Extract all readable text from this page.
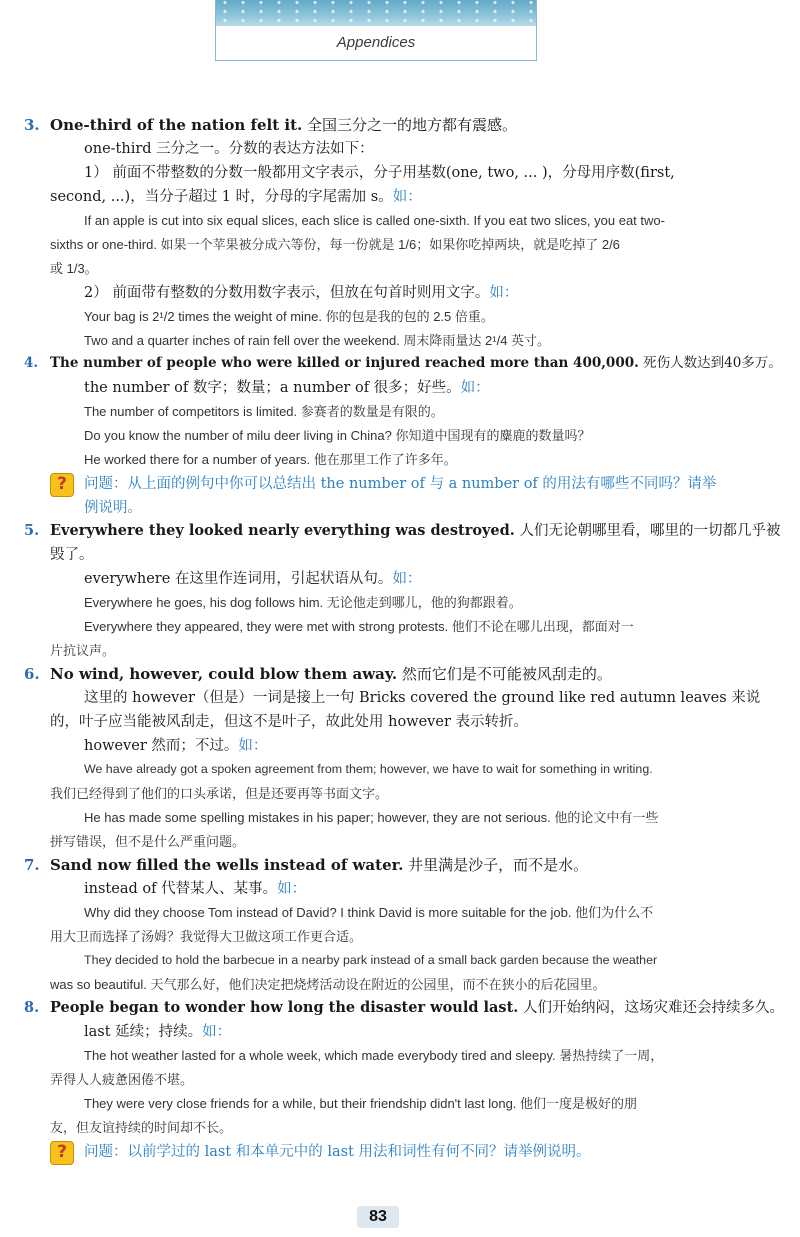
Appendices
3. One-third of the nation felt it. 全国三分之一的地方都有震感。
one-third 三分之一。分数的表达方法如下：
1） 前面不带整数的分数一般都用文字表示，分子用基数(one, two, ... )，分母用序数(first,
second, ...)，当分子超过 1 时，分母的字尾需加 s。如：
If an apple is cut into six equal slices, each slice is called one-sixth. If you eat two slices, you eat two-
sixths or one-third. 如果一个苹果被分成六等份，每一份就是 1/6；如果你吃掉两块，就是吃掉了 2/6
或 1/3。
2） 前面带有整数的分数用数字表示，但放在句首时则用文字。如：
Your bag is 2¹/2 times the weight of mine. 你的包是我的包的 2.5 倍重。
Two and a quarter inches of rain fell over the weekend. 周末降雨量达 2¹/4 英寸。
4. The number of people who were killed or injured reached more than 400,000. 死伤人数达到40多万。
the number of 数字；数量；a number of 很多；好些。如：
The number of competitors is limited. 参赛者的数量是有限的。
Do you know the number of milu deer living in China? 你知道中国现有的麋鹿的数量吗？
He worked there for a number of years. 他在那里工作了许多年。
?	问题：从上面的例句中你可以总结出 the number of 与 a number of 的用法有哪些不同吗？请举
例说明。
5. Everywhere they looked nearly everything was destroyed. 人们无论朝哪里看，哪里的一切都几乎被
毁了。
everywhere 在这里作连词用，引起状语从句。如：
Everywhere he goes, his dog follows him. 无论他走到哪儿，他的狗都跟着。
Everywhere they appeared, they were met with strong protests. 他们不论在哪儿出现，都面对一
片抗议声。
6. No wind, however, could blow them away. 然而它们是不可能被风刮走的。
这里的 however（但是）一词是接上一句 Bricks covered the ground like red autumn leaves 来说
的，叶子应当能被风刮走，但这不是叶子，故此处用 however 表示转折。
however 然而；不过。如：
We have already got a spoken agreement from them; however, we have to wait for something in writing.
我们已经得到了他们的口头承诺，但是还要再等书面文字。
He has made some spelling mistakes in his paper; however, they are not serious. 他的论文中有一些
拼写错误，但不是什么严重问题。
7. Sand now filled the wells instead of water. 井里满是沙子，而不是水。
instead of 代替某人、某事。如：
Why did they choose Tom instead of David? I think David is more suitable for the job. 他们为什么不
用大卫而选择了汤姆？我觉得大卫做这项工作更合适。
They decided to hold the barbecue in a nearby park instead of a small back garden because the weather
was so beautiful. 天气那么好，他们决定把烧烤活动设在附近的公园里，而不在狭小的后花园里。
8. People began to wonder how long the disaster would last. 人们开始纳闷，这场灾难还会持续多久。
last 延续；持续。如：
The hot weather lasted for a whole week, which made everybody tired and sleepy. 暑热持续了一周，
弄得人人疲惫困倦不堪。
They were very close friends for a while, but their friendship didn't last long. 他们一度是极好的朋
友，但友谊持续的时间却不长。
?	问题：以前学过的 last 和本单元中的 last 用法和词性有何不同？请举例说明。
83
